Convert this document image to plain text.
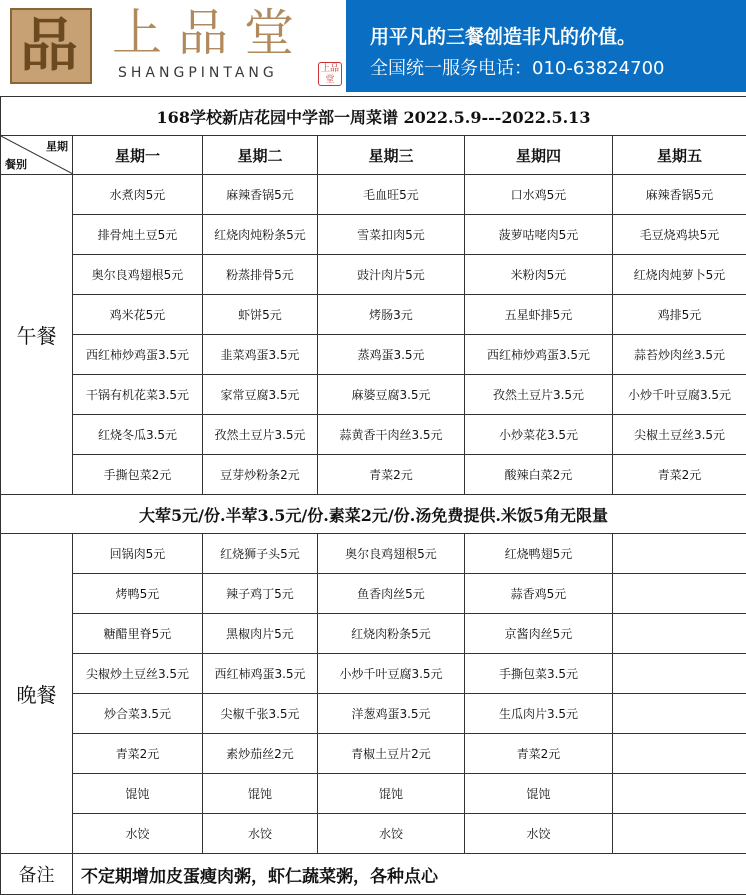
品 上品堂
SHANGPINTANG	上品
堂
用平凡的三餐创造非凡的价值。
全国统一服务电话：010-63824700
168学校新店花园中学部一周菜谱 2022.5.9---2022.5.13					

星期
餐别	星期一	星期二	星期三	星期四	星期五
午餐	水煮肉5元	麻辣香锅5元	毛血旺5元	口水鸡5元	麻辣香锅5元
	排骨炖土豆5元	红烧肉炖粉条5元	雪菜扣肉5元	菠萝咕咾肉5元	毛豆烧鸡块5元
	奥尔良鸡翅根5元	粉蒸排骨5元	豉汁肉片5元	米粉肉5元	红烧肉炖萝卜5元
	鸡米花5元	虾饼5元	烤肠3元	五星虾排5元	鸡排5元
	西红柿炒鸡蛋3.5元	韭菜鸡蛋3.5元	蒸鸡蛋3.5元	西红柿炒鸡蛋3.5元	蒜苔炒肉丝3.5元
	干锅有机花菜3.5元	家常豆腐3.5元	麻婆豆腐3.5元	孜然土豆片3.5元	小炒千叶豆腐3.5元
	红烧冬瓜3.5元	孜然土豆片3.5元	蒜黄香干肉丝3.5元	小炒菜花3.5元	尖椒土豆丝3.5元
	手撕包菜2元	豆芽炒粉条2元	青菜2元	酸辣白菜2元	青菜2元
大荤5元/份.半荤3.5元/份.素菜2元/份.汤免费提供.米饭5角无限量					
晚餐	回锅肉5元	红烧狮子头5元	奥尔良鸡翅根5元	红烧鸭翅5元	
	烤鸭5元	辣子鸡丁5元	鱼香肉丝5元	蒜香鸡5元	
	糖醋里脊5元	黑椒肉片5元	红烧肉粉条5元	京酱肉丝5元	
	尖椒炒土豆丝3.5元	西红柿鸡蛋3.5元	小炒千叶豆腐3.5元	手撕包菜3.5元	
	炒合菜3.5元	尖椒千张3.5元	洋葱鸡蛋3.5元	生瓜肉片3.5元	
	青菜2元	素炒茄丝2元	青椒土豆片2元	青菜2元	
	馄饨	馄饨	馄饨	馄饨	
	水饺	水饺	水饺	水饺	
备注	不定期增加皮蛋瘦肉粥，虾仁蔬菜粥，各种点心				
